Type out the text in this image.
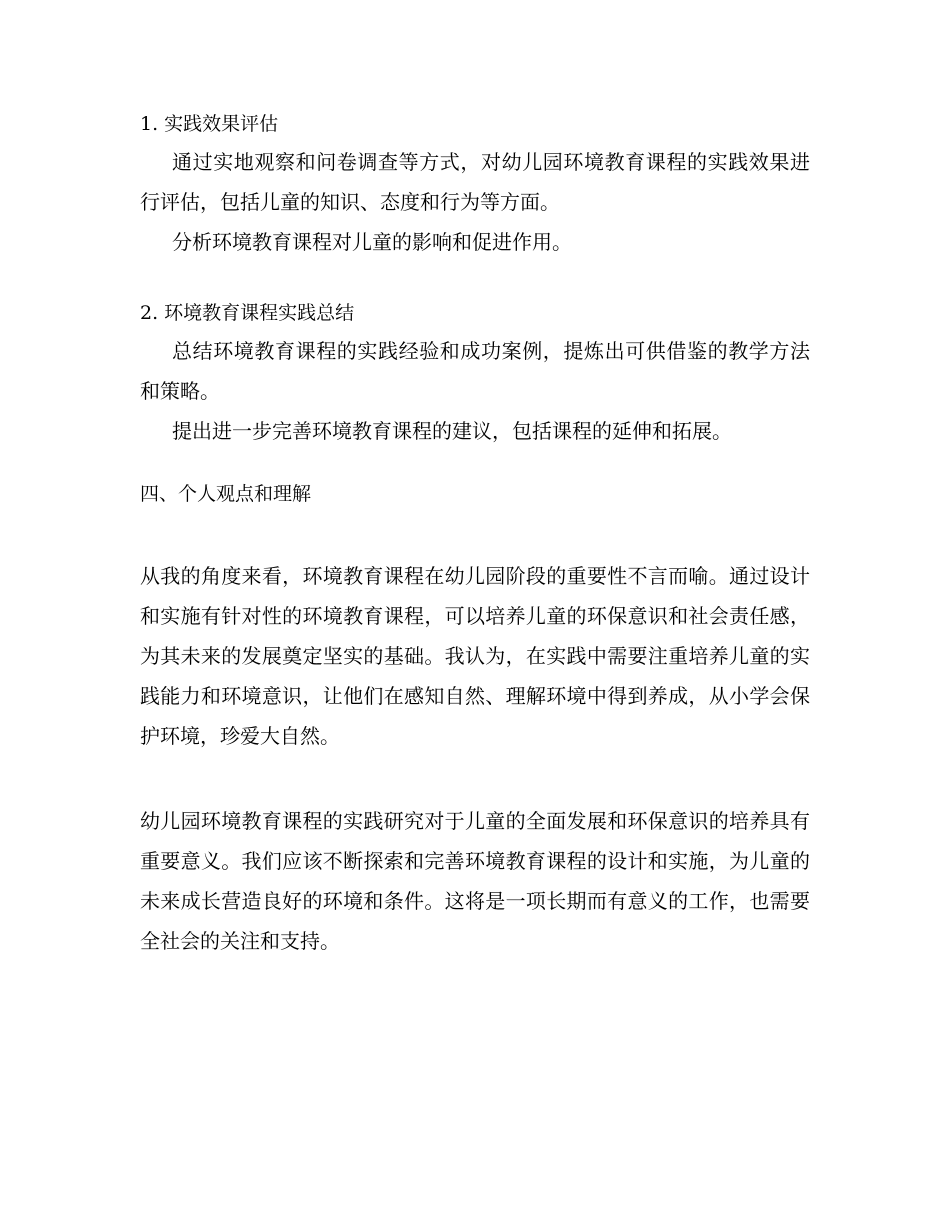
1. 实践效果评估

通过实地观察和问卷调查等方式，对幼儿园环境教育课程的实践效果进行评估，包括儿童的知识、态度和行为等方面。

分析环境教育课程对儿童的影响和促进作用。

2. 环境教育课程实践总结

总结环境教育课程的实践经验和成功案例，提炼出可供借鉴的教学方法和策略。

提出进一步完善环境教育课程的建议，包括课程的延伸和拓展。

四、个人观点和理解

从我的角度来看，环境教育课程在幼儿园阶段的重要性不言而喻。通过设计和实施有针对性的环境教育课程，可以培养儿童的环保意识和社会责任感，为其未来的发展奠定坚实的基础。我认为，在实践中需要注重培养儿童的实践能力和环境意识，让他们在感知自然、理解环境中得到养成，从小学会保护环境，珍爱大自然。

幼儿园环境教育课程的实践研究对于儿童的全面发展和环保意识的培养具有重要意义。我们应该不断探索和完善环境教育课程的设计和实施，为儿童的未来成长营造良好的环境和条件。这将是一项长期而有意义的工作，也需要全社会的关注和支持。
